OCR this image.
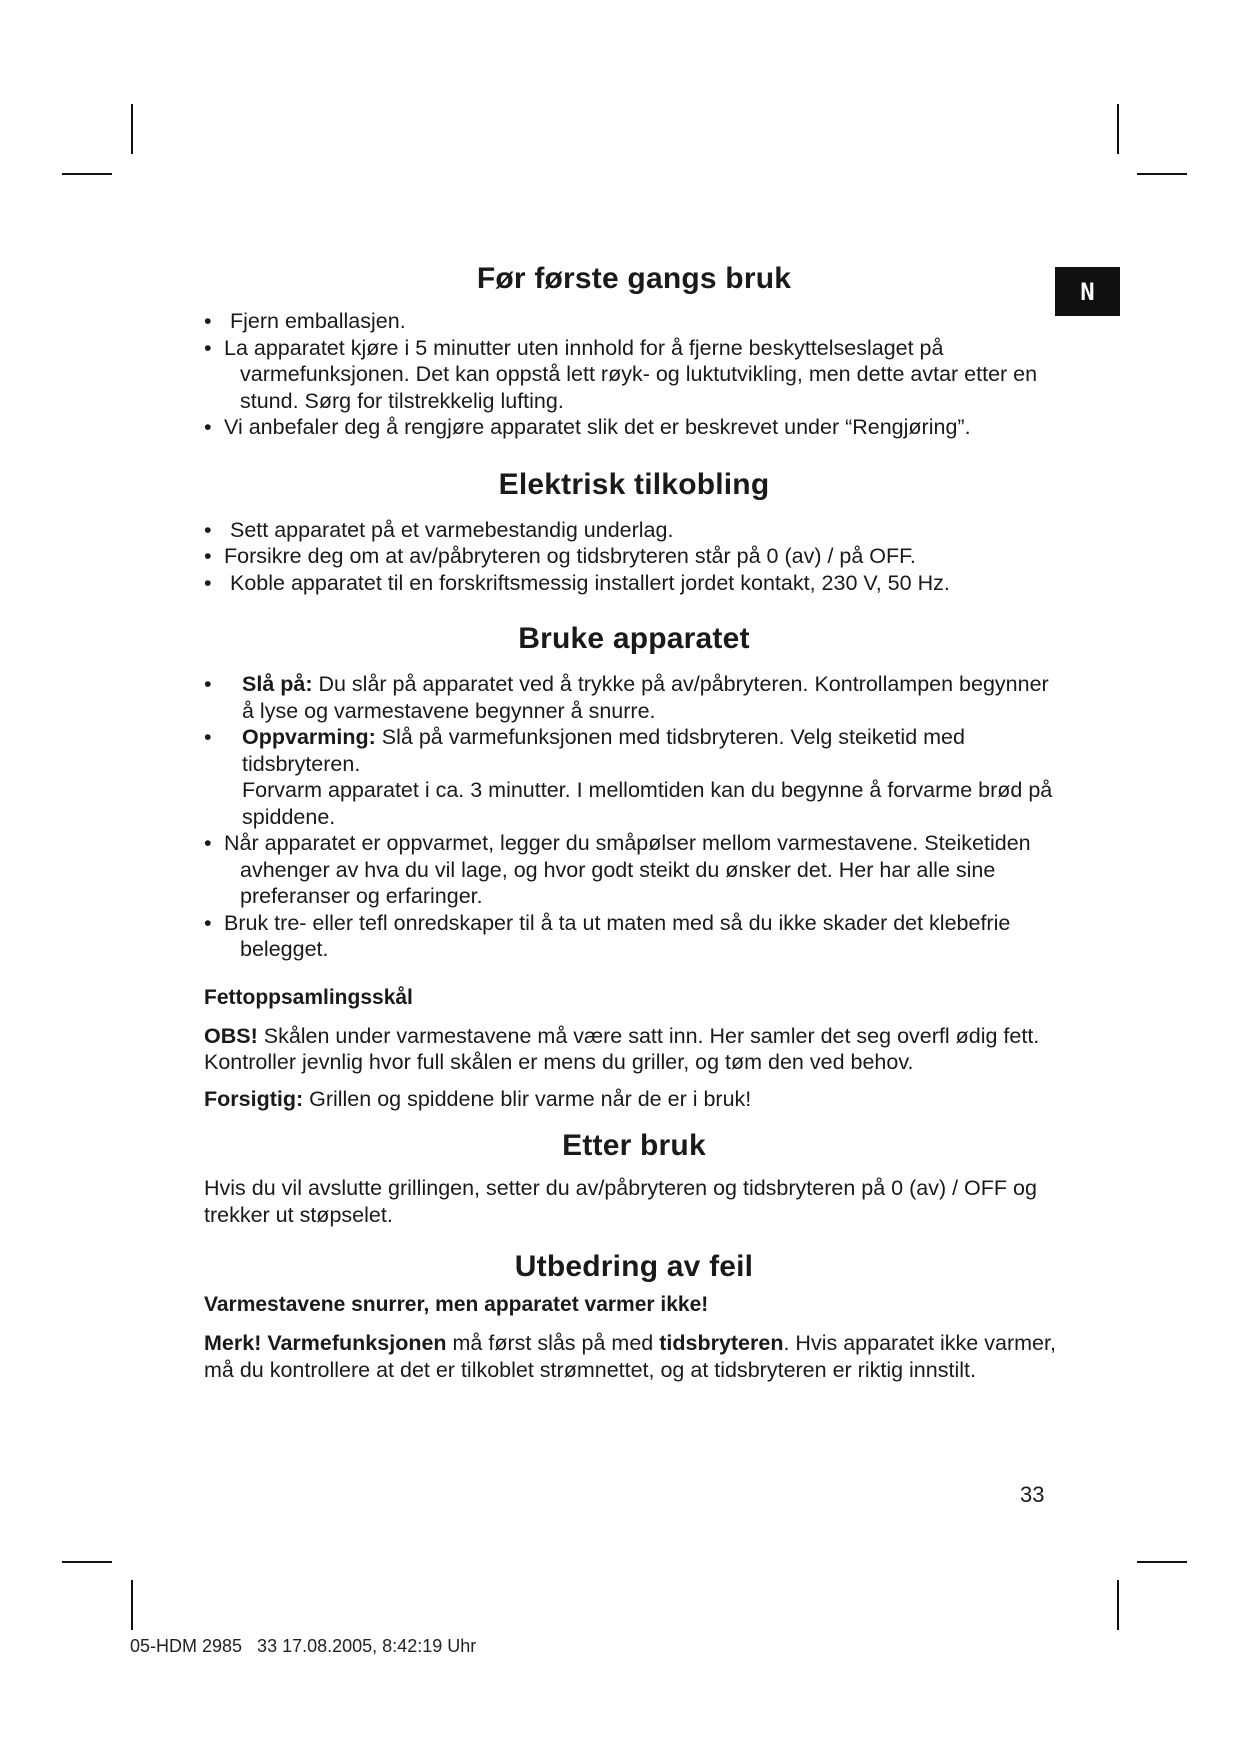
N
Før første gangs bruk
• Fjern emballasjen.
• La apparatet kjøre i 5 minutter uten innhold for å fjerne beskyttelseslaget på varmefunksjonen. Det kan oppstå lett røyk- og luktutvikling, men dette avtar etter en stund. Sørg for tilstrekkelig lufting.
• Vi anbefaler deg å rengjøre apparatet slik det er beskrevet under “Rengjøring”.
Elektrisk tilkobling
• Sett apparatet på et varmebestandig underlag.
• Forsikre deg om at av/påbryteren og tidsbryteren står på 0 (av) / på OFF.
• Koble apparatet til en forskriftsmessig installert jordet kontakt, 230 V, 50 Hz.
Bruke apparatet
• Slå på: Du slår på apparatet ved å trykke på av/påbryteren. Kontrollampen begynner å lyse og varmestavene begynner å snurre.
• Oppvarming: Slå på varmefunksjonen med tidsbryteren. Velg steiketid med tidsbryteren.
Forvarm apparatet i ca. 3 minutter. I mellomtiden kan du begynne å forvarme brød på spiddene.
• Når apparatet er oppvarmet, legger du småpølser mellom varmestavene. Steiketiden avhenger av hva du vil lage, og hvor godt steikt du ønsker det. Her har alle sine preferanser og erfaringer.
• Bruk tre- eller tefl onredskaper til å ta ut maten med så du ikke skader det klebefrie belegget.

Fettoppsamlingsskål

OBS! Skålen under varmestavene må være satt inn. Her samler det seg overfl ødig fett. Kontroller jevnlig hvor full skålen er mens du griller, og tøm den ved behov.

Forsigtig: Grillen og spiddene blir varme når de er i bruk!

Etter bruk

Hvis du vil avslutte grillingen, setter du av/påbryteren og tidsbryteren på 0 (av) / OFF og trekker ut støpselet.

Utbedring av feil

Varmestavene snurrer, men apparatet varmer ikke!

Merk! Varmefunksjonen må først slås på med tidsbryteren. Hvis apparatet ikke varmer, må du kontrollere at det er tilkoblet strømnettet, og at tidsbryteren er riktig innstilt.

33
05-HDM 2985   33 17.08.2005, 8:42:19 Uhr
